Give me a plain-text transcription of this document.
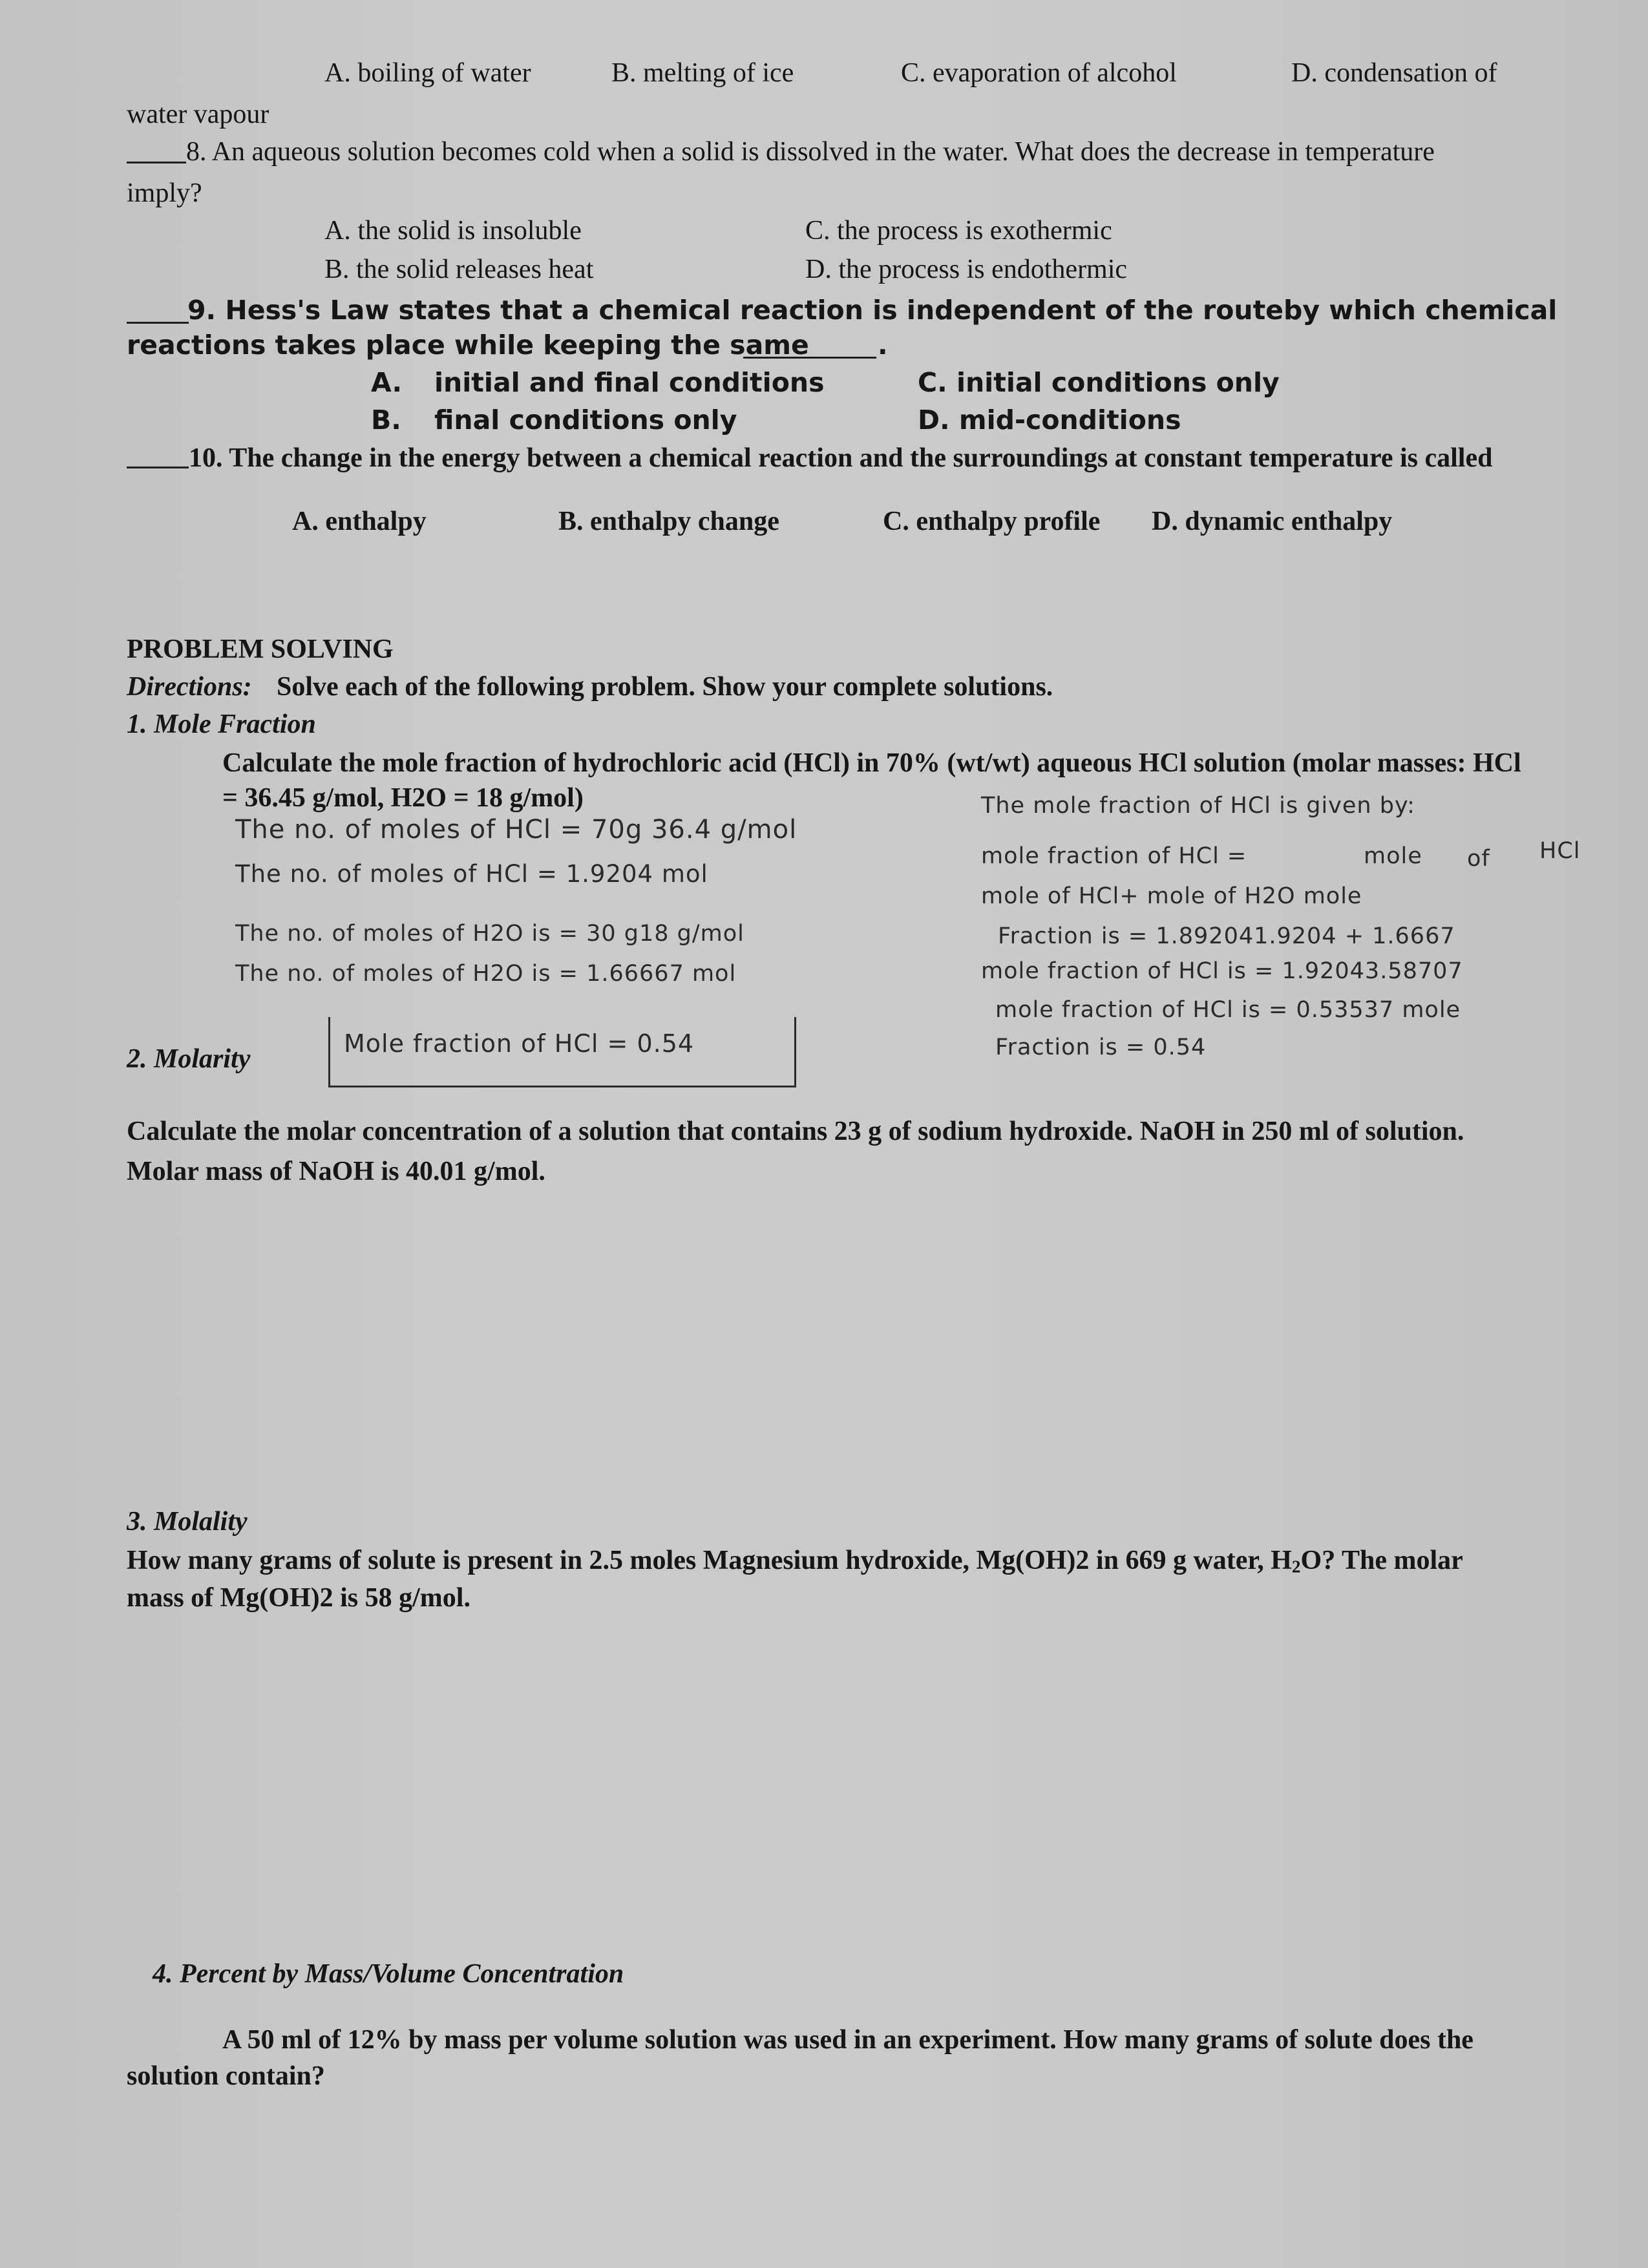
A. boiling of water	B. melting of ice	C. evaporation of alcohol	D. condensation of
water vapour
8. An aqueous solution becomes cold when a solid is dissolved in the water. What does the decrease in temperature
imply?
A. the solid is insoluble	C. the process is exothermic
B. the solid releases heat	D. the process is endothermic
9. Hess's Law states that a chemical reaction is independent of the routeby which chemical
reactions takes place while keeping the same	.
A. initial and final conditions	C. initial conditions only
B. final conditions only	D. mid-conditions
10. The change in the energy between a chemical reaction and the surroundings at constant temperature is called
A. enthalpy	B. enthalpy change	C. enthalpy profile D. dynamic enthalpy
PROBLEM SOLVING
Directions: Solve each of the following problem. Show your complete solutions.
1. Mole Fraction
Calculate the mole fraction of hydrochloric acid (HCl) in 70% (wt/wt) aqueous HCl solution (molar masses: HCl
= 36.45 g/mol, H2O = 18 g/mol)
The no. of moles of HCl = 70g 36.4 g/mol
The no. of moles of HCl = 1.9204 mol
The no. of moles of H2O is = 30 g18 g/mol
The no. of moles of H2O is = 1.66667 mol
The mole fraction of HCl is given by:
mole fraction of HCl =	mole of HCl
mole of HCl+ mole of H2O mole
Fraction is = 1.892041.9204 + 1.6667
mole fraction of HCl is = 1.92043.58707
mole fraction of HCl is = 0.53537 mole
Fraction is = 0.54
Mole fraction of HCl = 0.54
2. Molarity
Calculate the molar concentration of a solution that contains 23 g of sodium hydroxide. NaOH in 250 ml of solution.
Molar mass of NaOH is 40.01 g/mol.
3. Molality
How many grams of solute is present in 2.5 moles Magnesium hydroxide, Mg(OH)2 in 669 g water, $H_2O$? The molar
mass of Mg(OH)2 is 58 g/mol.
4. Percent by Mass/Volume Concentration
A 50 ml of 12% by mass per volume solution was used in an experiment. How many grams of solute does the
solution contain?
